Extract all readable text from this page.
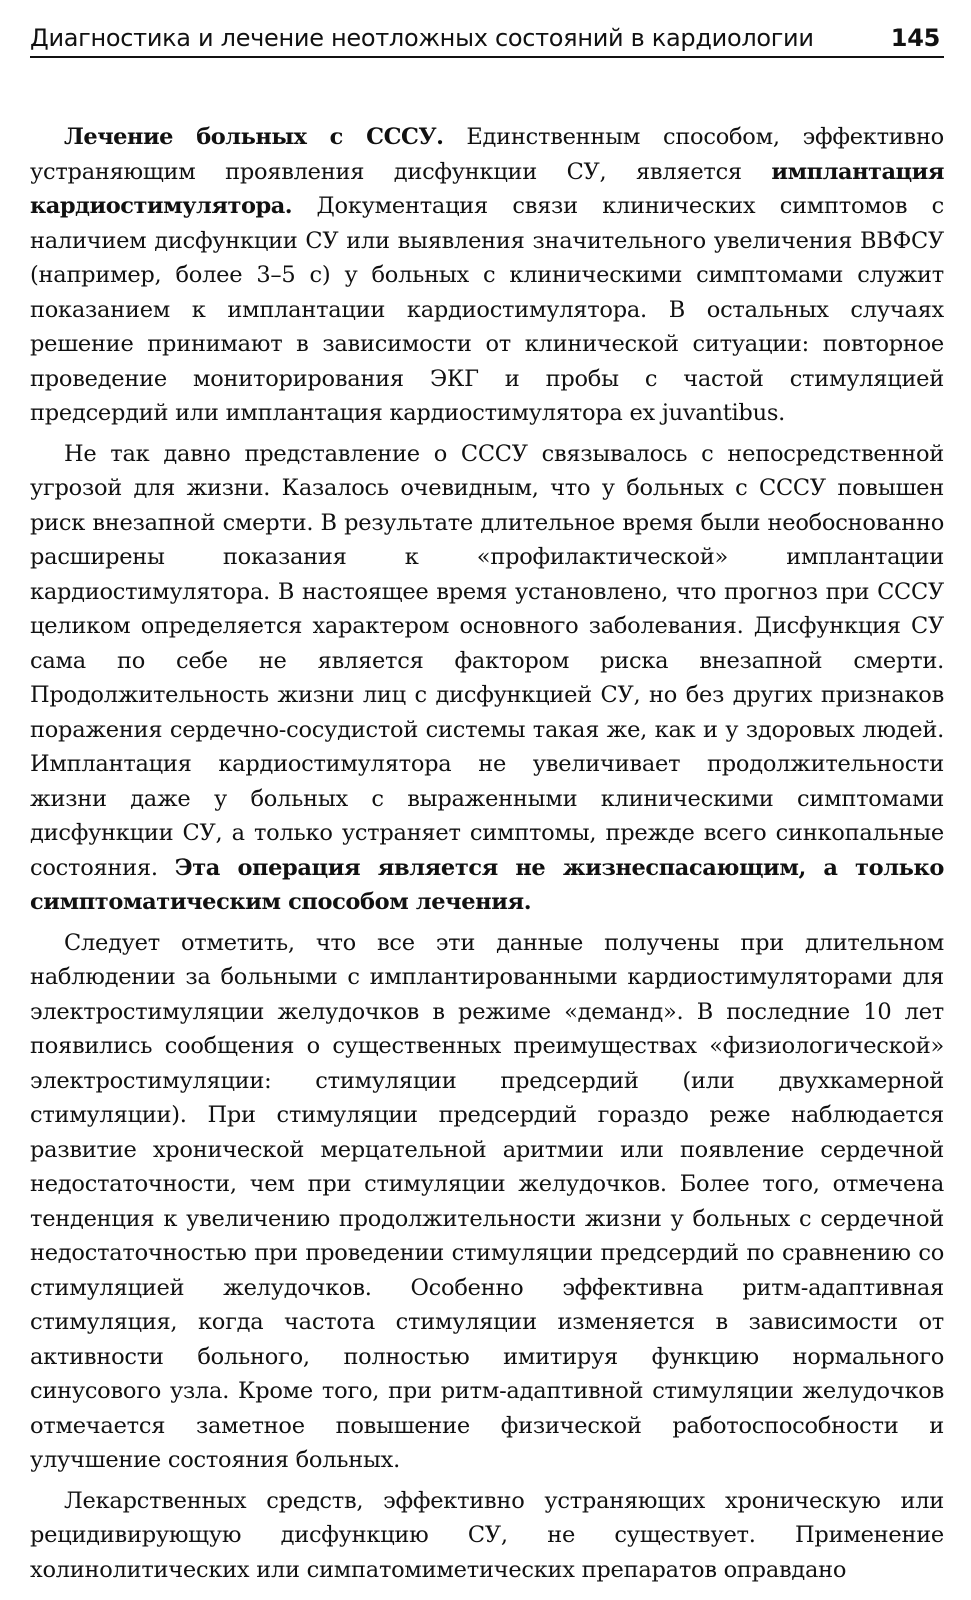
Диагностика и лечение неотложных состояний в кардиологии	145

Лечение больных с СССУ. Единственным способом, эффективно устраняющим проявления дисфункции СУ, является имплантация кардиостимулятора. Документация связи клинических симптомов с наличием дисфункции СУ или выявления значительного увеличения ВВФСУ (например, более 3–5 с) у больных с клиническими симптомами служит показанием к имплантации кардиостимулятора. В остальных случаях решение принимают в зависимости от клинической ситуации: повторное проведение мониторирования ЭКГ и пробы с частой стимуляцией предсердий или имплантация кардиостимулятора ex juvantibus.

Не так давно представление о СССУ связывалось с непосредственной угрозой для жизни. Казалось очевидным, что у больных с СССУ повышен риск внезапной смерти. В результате длительное время были необоснованно расширены показания к «профилактической» имплантации кардиостимулятора. В настоящее время установлено, что прогноз при СССУ целиком определяется характером основного заболевания. Дисфункция СУ сама по себе не является фактором риска внезапной смерти. Продолжительность жизни лиц с дисфункцией СУ, но без других признаков поражения сердечно-сосудистой системы такая же, как и у здоровых людей. Имплантация кардиостимулятора не увеличивает продолжительности жизни даже у больных с выраженными клиническими симптомами дисфункции СУ, а только устраняет симптомы, прежде всего синкопальные состояния. Эта операция является не жизнеспасающим, а только симптоматическим способом лечения.

Следует отметить, что все эти данные получены при длительном наблюдении за больными с имплантированными кардиостимуляторами для электростимуляции желудочков в режиме «деманд». В последние 10 лет появились сообщения о существенных преимуществах «физиологической» электростимуляции: стимуляции предсердий (или двухкамерной стимуляции). При стимуляции предсердий гораздо реже наблюдается развитие хронической мерцательной аритмии или появление сердечной недостаточности, чем при стимуляции желудочков. Более того, отмечена тенденция к увеличению продолжительности жизни у больных с сердечной недостаточностью при проведении стимуляции предсердий по сравнению со стимуляцией желудочков. Особенно эффективна ритм-адаптивная стимуляция, когда частота стимуляции изменяется в зависимости от активности больного, полностью имитируя функцию нормального синусового узла. Кроме того, при ритм-адаптивной стимуляции желудочков отмечается заметное повышение физической работоспособности и улучшение состояния больных.

Лекарственных средств, эффективно устраняющих хроническую или рецидивирующую дисфункцию СУ, не существует. Применение холинолитических или симпатомиметических препаратов оправдано
